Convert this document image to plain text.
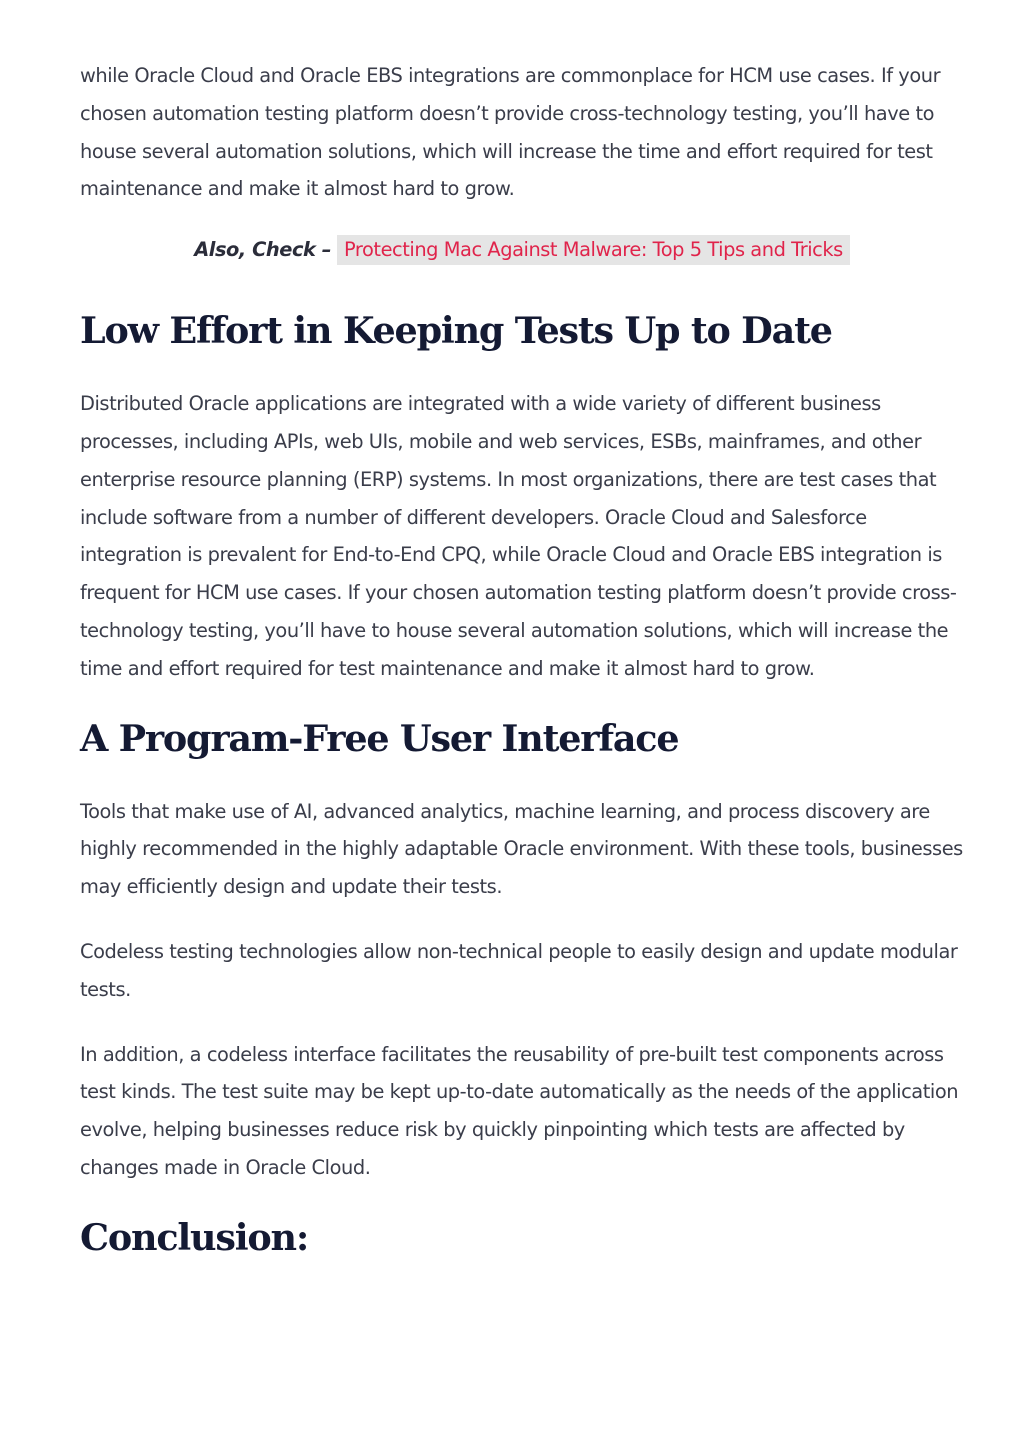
while Oracle Cloud and Oracle EBS integrations are commonplace for HCM use cases. If your chosen automation testing platform doesn’t provide cross-technology testing, you’ll have to house several automation solutions, which will increase the time and effort required for test maintenance and make it almost hard to grow.

Also, Check – Protecting Mac Against Malware: Top 5 Tips and Tricks

Low Effort in Keeping Tests Up to Date

Distributed Oracle applications are integrated with a wide variety of different business processes, including APIs, web UIs, mobile and web services, ESBs, mainframes, and other enterprise resource planning (ERP) systems. In most organizations, there are test cases that include software from a number of different developers. Oracle Cloud and Salesforce integration is prevalent for End-to-End CPQ, while Oracle Cloud and Oracle EBS integration is frequent for HCM use cases. If your chosen automation testing platform doesn’t provide cross-technology testing, you’ll have to house several automation solutions, which will increase the time and effort required for test maintenance and make it almost hard to grow.

A Program-Free User Interface

Tools that make use of AI, advanced analytics, machine learning, and process discovery are highly recommended in the highly adaptable Oracle environment. With these tools, businesses may efficiently design and update their tests.

Codeless testing technologies allow non-technical people to easily design and update modular tests.

In addition, a codeless interface facilitates the reusability of pre-built test components across test kinds. The test suite may be kept up-to-date automatically as the needs of the application evolve, helping businesses reduce risk by quickly pinpointing which tests are affected by changes made in Oracle Cloud.

Conclusion:
